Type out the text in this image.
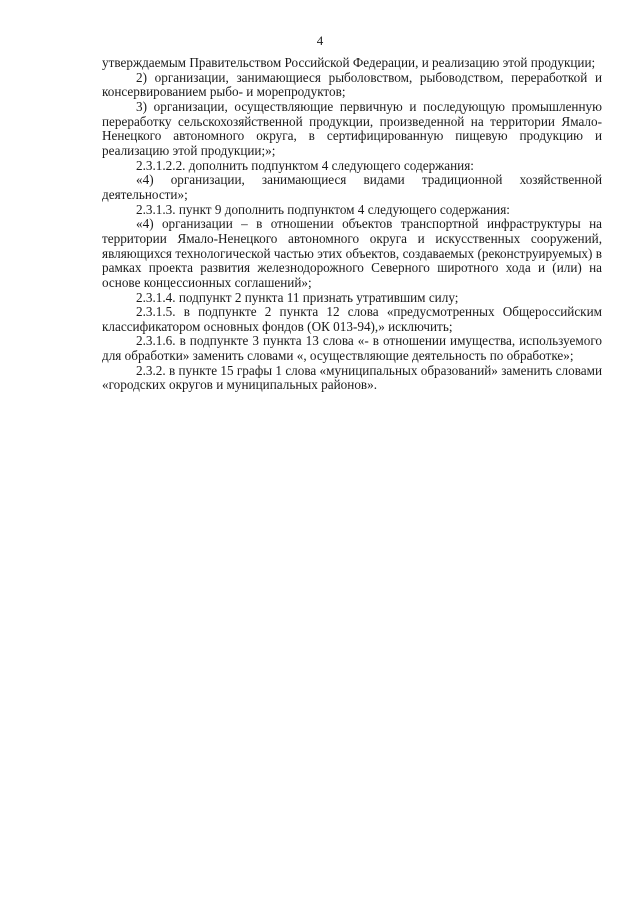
4

утверждаемым Правительством Российской Федерации, и реализацию этой продукции;

2) организации, занимающиеся рыболовством, рыбоводством, переработкой и консервированием рыбо- и морепродуктов;

3) организации, осуществляющие первичную и последующую промышленную переработку сельскохозяйственной продукции, произведенной на территории Ямало-Ненецкого автономного округа, в сертифицированную пищевую продукцию и реализацию этой продукции;»;

2.3.1.2.2. дополнить подпунктом 4 следующего содержания:

«4) организации, занимающиеся видами традиционной хозяйственной деятельности»;

2.3.1.3. пункт 9 дополнить подпунктом 4 следующего содержания:

«4) организации – в отношении объектов транспортной инфраструктуры на территории Ямало-Ненецкого автономного округа и искусственных сооружений, являющихся технологической частью этих объектов, создаваемых (реконструируемых) в рамках проекта развития железнодорожного Северного широтного хода и (или) на основе концессионных соглашений»;

2.3.1.4. подпункт 2 пункта 11 признать утратившим силу;

2.3.1.5. в подпункте 2 пункта 12 слова «предусмотренных Общероссийским классификатором основных фондов (ОК 013-94),» исключить;

2.3.1.6. в подпункте 3 пункта 13 слова «- в отношении имущества, используемого для обработки» заменить словами «, осуществляющие деятельность по обработке»;

2.3.2. в пункте 15 графы 1 слова «муниципальных образований» заменить словами «городских округов и муниципальных районов».
